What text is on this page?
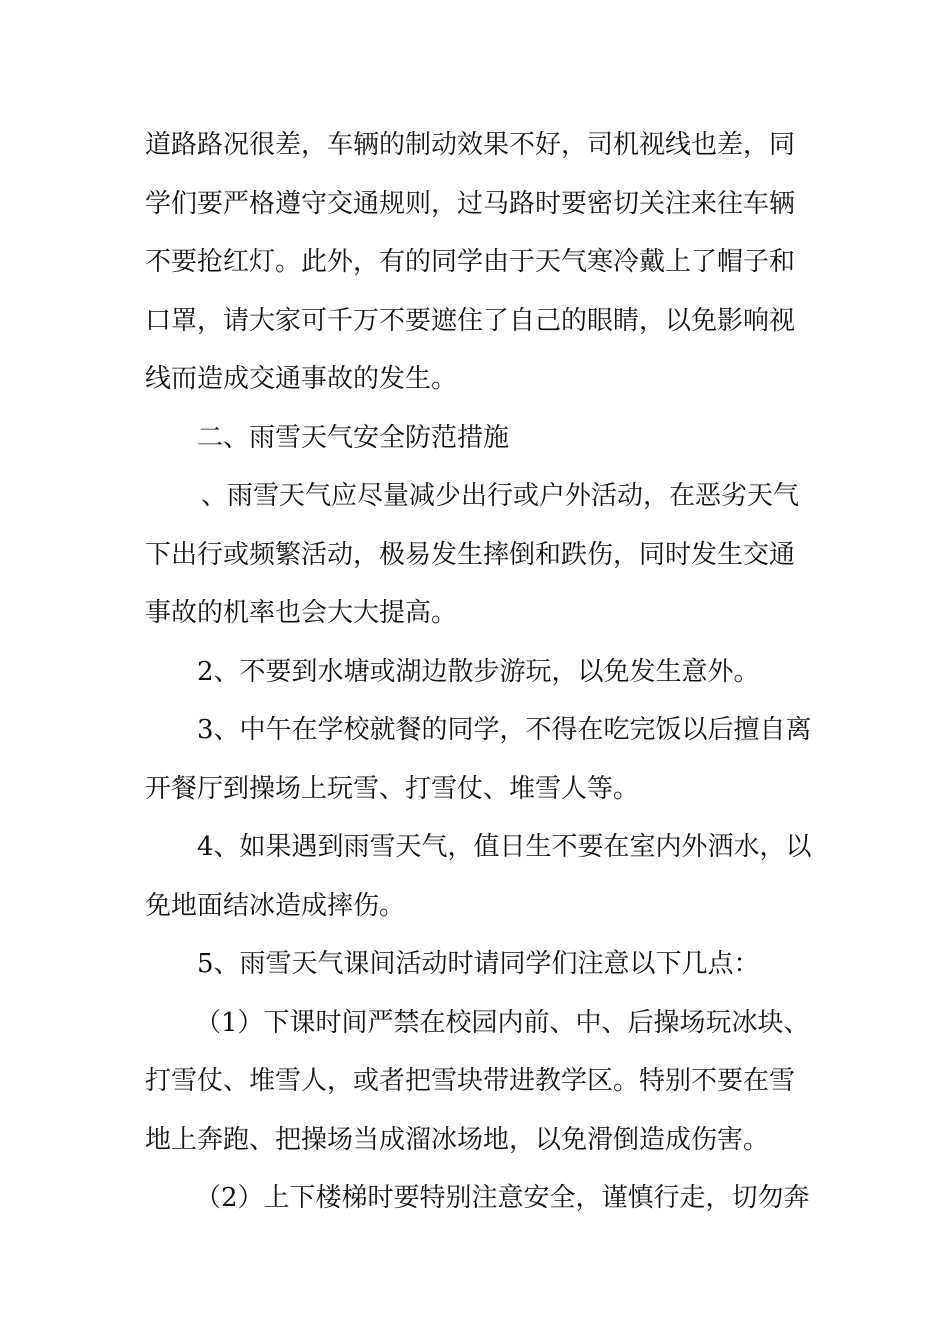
道路路况很差，车辆的制动效果不好，司机视线也差，同
学们要严格遵守交通规则，过马路时要密切关注来往车辆
不要抢红灯。此外，有的同学由于天气寒冷戴上了帽子和
口罩，请大家可千万不要遮住了自己的眼睛，以免影响视
线而造成交通事故的发生。
二、雨雪天气安全防范措施
、雨雪天气应尽量减少出行或户外活动，在恶劣天气
下出行或频繁活动，极易发生摔倒和跌伤，同时发生交通
事故的机率也会大大提高。
2、不要到水塘或湖边散步游玩，以免发生意外。
3、中午在学校就餐的同学，不得在吃完饭以后擅自离
开餐厅到操场上玩雪、打雪仗、堆雪人等。
4、如果遇到雨雪天气，值日生不要在室内外洒水，以
免地面结冰造成摔伤。
5、雨雪天气课间活动时请同学们注意以下几点：
（1）下课时间严禁在校园内前、中、后操场玩冰块、
打雪仗、堆雪人，或者把雪块带进教学区。特别不要在雪
地上奔跑、把操场当成溜冰场地，以免滑倒造成伤害。
（2）上下楼梯时要特别注意安全，谨慎行走，切勿奔
